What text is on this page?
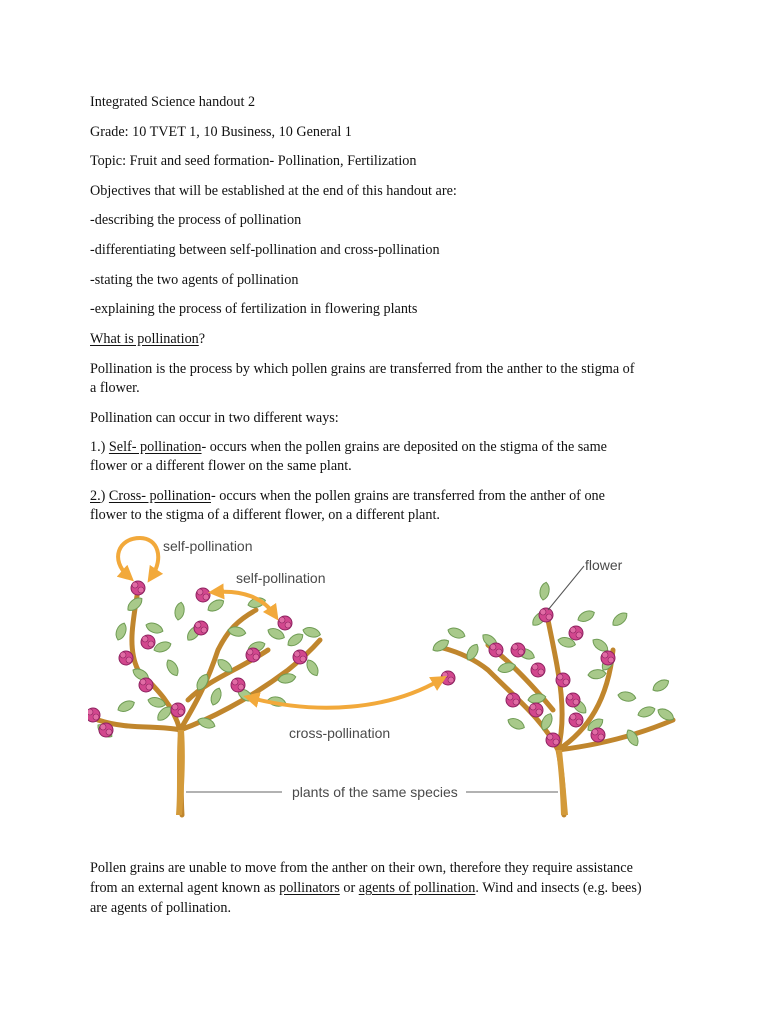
Integrated Science handout 2

Grade: 10 TVET 1, 10 Business, 10 General 1

Topic: Fruit and seed formation- Pollination, Fertilization

Objectives that will be established at the end of this handout are:

-describing the process of pollination

-differentiating between self-pollination and cross-pollination

-stating the two agents of pollination

-explaining the process of fertilization in flowering plants

What is pollination?

Pollination is the process by which pollen grains are transferred from the anther to the stigma of

a flower.

Pollination can occur in two different ways:

1.) Self- pollination- occurs when the pollen grains are deposited on the stigma of the same

flower or a different flower on the same plant.

2.) Cross- pollination- occurs when the pollen grains are transferred from the anther of one

flower to the stigma of a different flower, on a different plant.

self-pollination
self-pollination
flower
cross-pollination
plants of the same species

Pollen grains are unable to move from the anther on their own, therefore they require assistance

from an external agent known as pollinators or agents of pollination. Wind and insects (e.g. bees)

are agents of pollination.
